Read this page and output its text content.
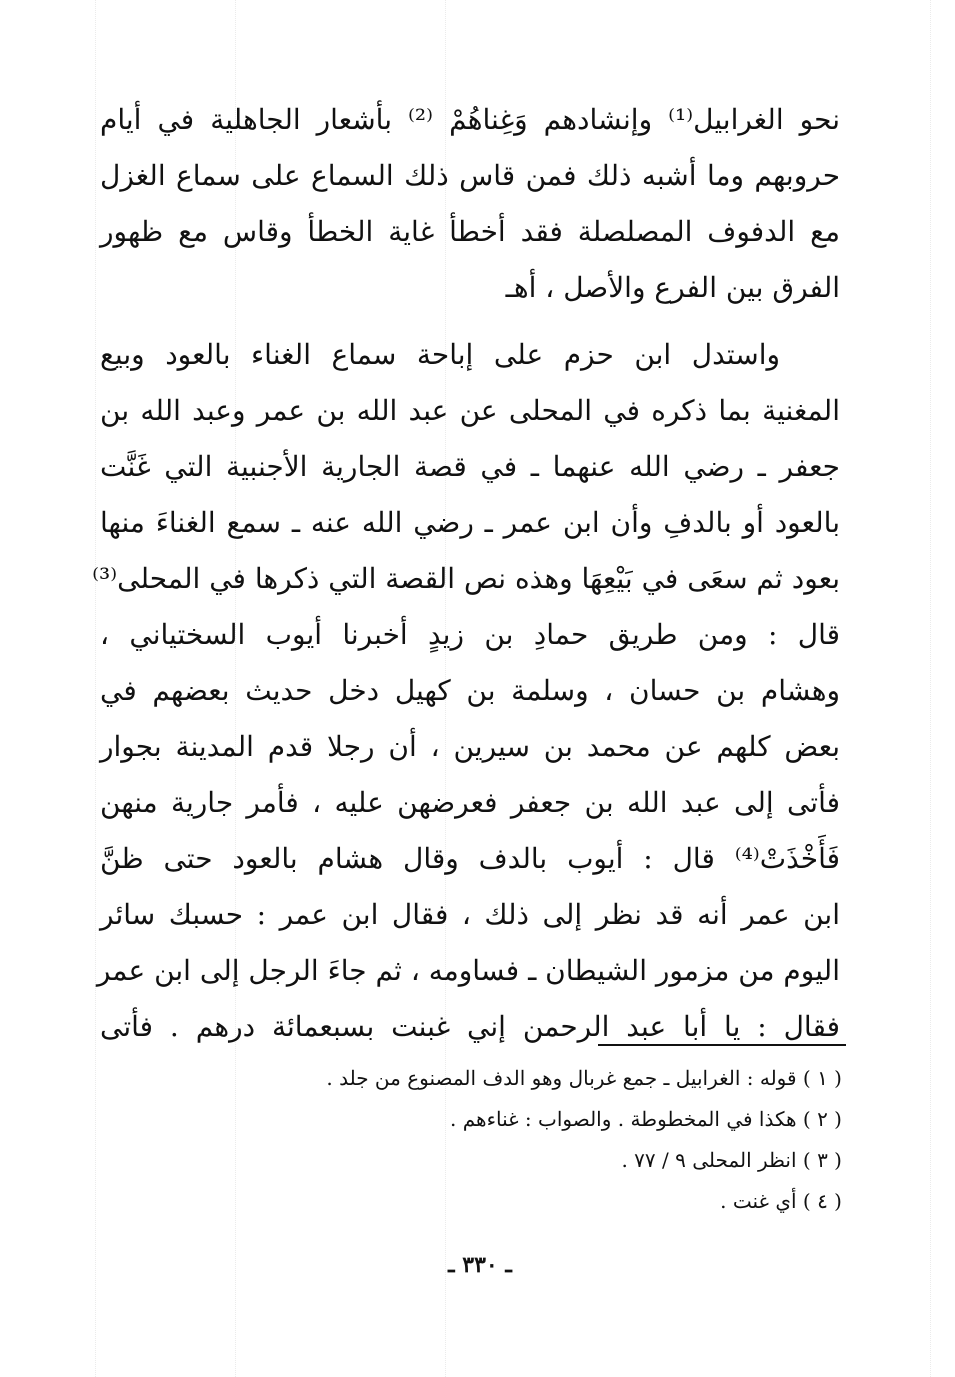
نحو الغرابيل⁽¹⁾ وإنشادهم وَغِناهُمْ ⁽²⁾ بأشعار الجاهلية في أيام
حروبهم وما أشبه ذلك فمن قاس ذلك السماع على سماع الغزل
مع الدفوف المصلصلة فقد أخطأ غاية الخطأ وقاس مع ظهور
الفرق بين الفرع والأصل ، أهـ
واستدل ابن حزم على إباحة سماع الغناء بالعود وبيع
المغنية بما ذكره في المحلى عن عبد الله بن عمر وعبد الله بن
جعفر ـ رضي الله عنهما ـ في قصة الجارية الأجنبية التي غَنَّت
بالعود أو بالدفِ وأن ابن عمر ـ رضي الله عنه ـ سمع الغناءَ منها
بعود ثم سعَى في بَيْعِهَا وهذه نص القصة التي ذكرها في المحلى⁽³⁾
قال : ومن طريق حمادِ بن زيدٍ أخبرنا أيوب السختياني ،
وهشام بن حسان ، وسلمة بن كهيل دخل حديث بعضهم في
بعض كلهم عن محمد بن سيرين ، أن رجلا قدم المدينة بجوار
فأتى إلى عبد الله بن جعفر فعرضهن عليه ، فأمر جارية منهن
فَأَخْذَتْ⁽⁴⁾ قال : أيوب بالدف وقال هشام بالعود حتى ظنَّ
ابن عمر أنه قد نظر إلى ذلك ، فقال ابن عمر : حسبك سائر
اليوم من مزمور الشيطان ـ فساومه ، ثم جاءَ الرجل إلى ابن عمر
فقال : يا أبا عبد الرحمن إني غبنت بسبعمائة درهم . فأتى
( ١ ) قوله : الغرابيل ـ جمع غربال وهو الدف المصنوع من جلد .
( ٢ ) هكذا في المخطوطة . والصواب : غناءهم .
( ٣ ) انظر المحلى ٩ / ٧٧ .
( ٤ ) أي غنت .
ـ ٣٣٠ ـ
